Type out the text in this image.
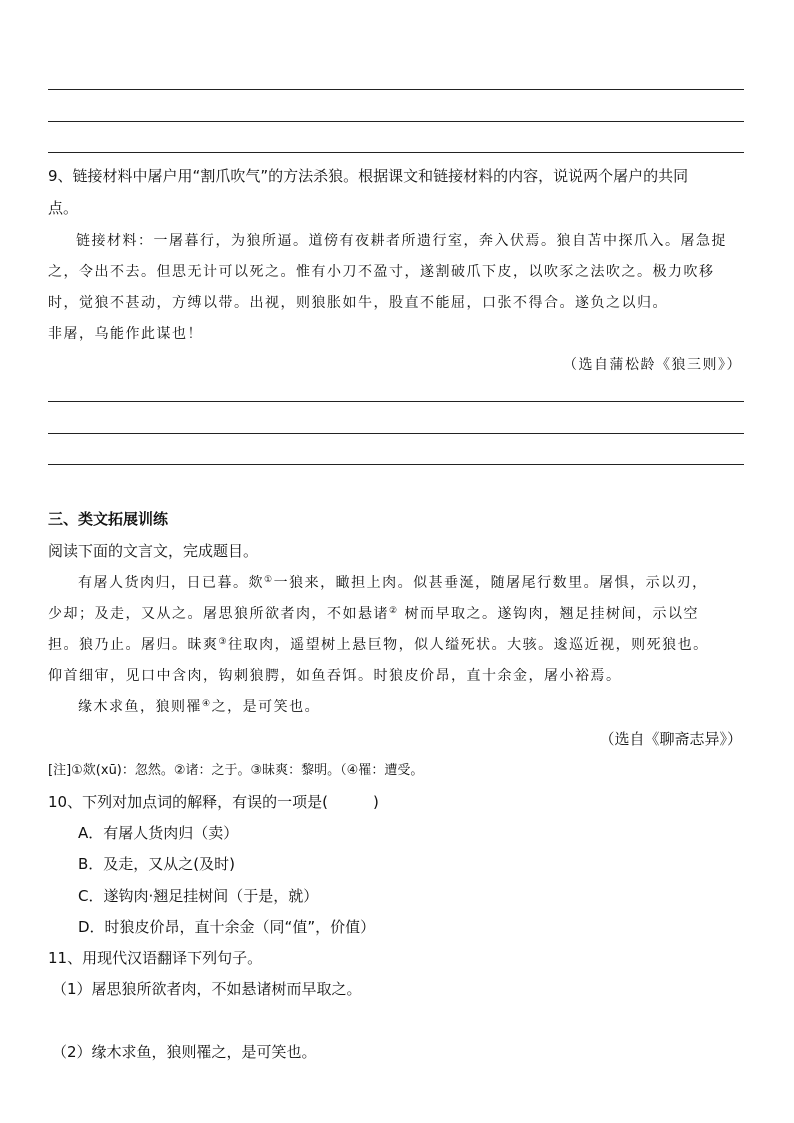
9、链接材料中屠户用“割爪吹气”的方法杀狼。根据课文和链接材料的内容，说说两个屠户的共同
点。
链接材料：一屠暮行，为狼所逼。道傍有夜耕者所遗行室，奔入伏焉。狼自苫中探爪入。屠急捉
之，令出不去。但思无计可以死之。惟有小刀不盈寸，遂割破爪下皮，以吹豕之法吹之。极力吹移
时，觉狼不甚动，方缚以带。出视，则狼胀如牛，股直不能屈，口张不得合。遂负之以归。
非屠，乌能作此谋也！
（选自蒲松龄《狼三则》）
三、类文拓展训练
阅读下面的文言文，完成题目。
有屠人货肉归，日已暮。欻①一狼来，瞰担上肉。似甚垂涎，随屠尾行数里。屠惧，示以刃，
少却；及走，又从之。屠思狼所欲者肉，不如悬诸② 树而早取之。遂钩肉，翘足挂树间，示以空
担。狼乃止。屠归。昧爽③往取肉，遥望树上悬巨物，似人缢死状。大骇。逡巡近视，则死狼也。
仰首细审，见口中含肉，钩刺狼腭，如鱼吞饵。时狼皮价昂，直十余金，屠小裕焉。
缘木求鱼，狼则罹④之，是可笑也。
（选自《聊斋志异》）
[注]①欻(xū)：忽然。②诸：之于。③昧爽：黎明。（④罹：遭受。
10、下列对加点词的解释，有误的一项是(　　　)
A．有屠人货肉归（卖）
B．及走，又从之(及时)
C．遂钩肉·翘足挂树间（于是，就）
D．时狼皮价昂，直十余金（同“值”，价值）
11、用现代汉语翻译下列句子。
（1）屠思狼所欲者肉，不如悬诸树而早取之。
（2）缘木求鱼，狼则罹之，是可笑也。
